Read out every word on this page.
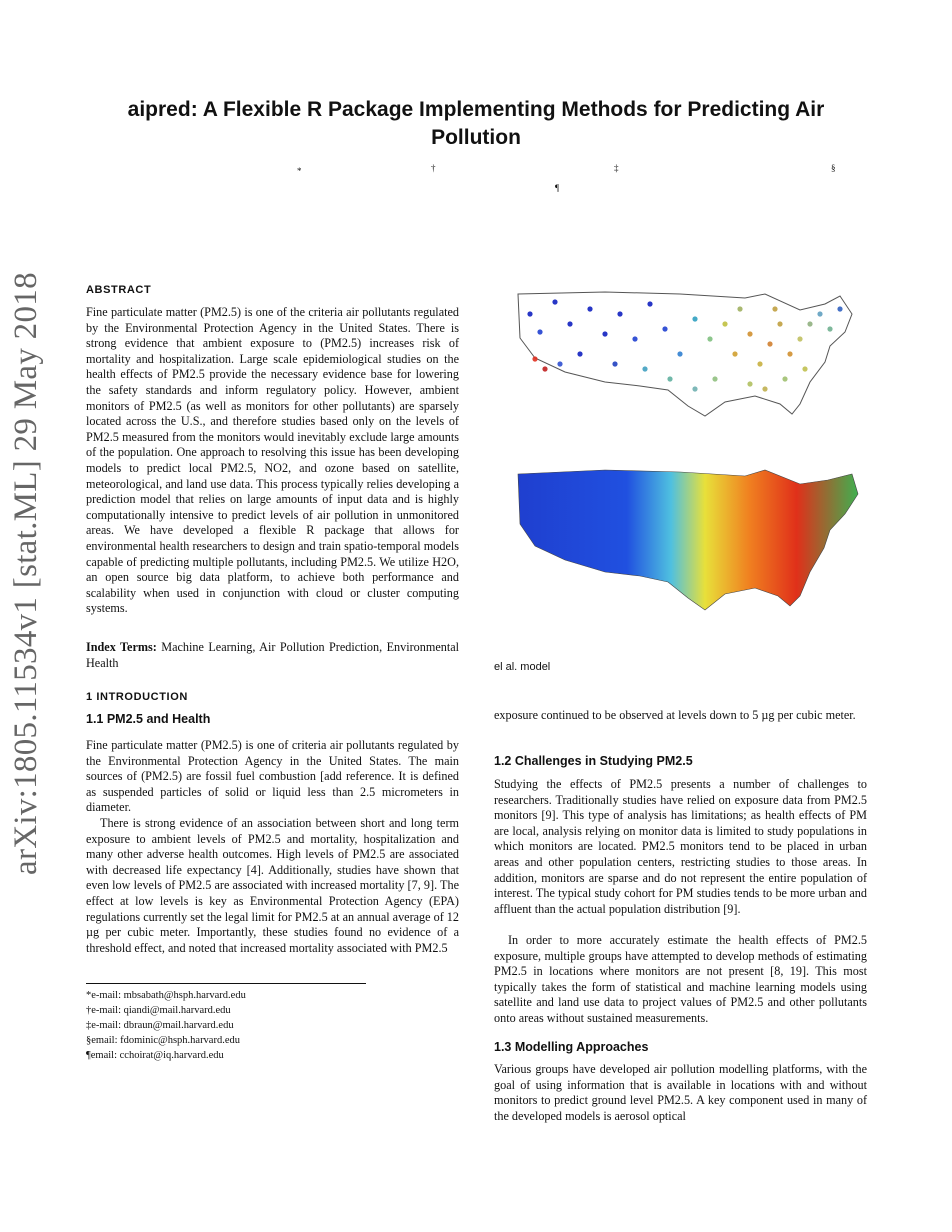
aipred: A Flexible R Package Implementing Methods for Predicting Air Pollution
*	†	‡	§
¶
arXiv:1805.11534v1 [stat.ML] 29 May 2018	ABSTRACT

Fine particulate matter (PM2.5) is one of the criteria air pollutants regulated by the Environmental Protection Agency in the United States. There is strong evidence that ambient exposure to (PM2.5) increases risk of mortality and hospitalization. Large scale epidemiological studies on the health effects of PM2.5 provide the necessary evidence base for lowering the safety standards and inform regulatory policy. However, ambient monitors of PM2.5 (as well as monitors for other pollutants) are sparsely located across the U.S., and therefore studies based only on the levels of PM2.5 measured from the monitors would inevitably exclude large amounts of the population. One approach to resolving this issue has been developing models to predict local PM2.5, NO2, and ozone based on satellite, meteorological, and land use data. This process typically relies developing a prediction model that relies on large amounts of input data and is highly computationally intensive to predict levels of air pollution in unmonitored areas. We have developed a flexible R package that allows for environmental health researchers to design and train spatio-temporal models capable of predicting multiple pollutants, including PM2.5. We utilize H2O, an open source big data platform, to achieve both performance and scalability when used in conjunction with cloud or cluster computing systems.

Index Terms: Machine Learning, Air Pollution Prediction, Environmental Health

1 INTRODUCTION
1.1 PM2.5 and Health

Fine particulate matter (PM2.5) is one of criteria air pollutants regulated by the Environmental Protection Agency in the United States. The main sources of (PM2.5) are fossil fuel combustion [add reference. It is defined as suspended particles of solid or liquid less than 2.5 micrometers in diameter.

There is strong evidence of an association between short and long term exposure to ambient levels of PM2.5 and mortality, hospitalization and many other adverse health outcomes. High levels of PM2.5 are associated with decreased life expectancy [4]. Additionally, studies have shown that even low levels of PM2.5 are associated with increased mortality [7, 9]. The effect at low levels is key as Environmental Protection Agency (EPA) regulations currently set the legal limit for PM2.5 at an annual average of 12 µg per cubic meter. Importantly, these studies found no evidence of a threshold effect, and noted that increased mortality associated with PM2.5

*e-mail: mbsabath@hsph.harvard.edu
†e-mail: qiandi@mail.harvard.edu
‡e-mail: dbraun@mail.harvard.edu
§email: fdominic@hsph.harvard.edu
¶email: cchoirat@iq.harvard.edu
el al. model

exposure continued to be observed at levels down to 5 µg per cubic meter.

1.2 Challenges in Studying PM2.5

Studying the effects of PM2.5 presents a number of challenges to researchers. Traditionally studies have relied on exposure data from PM2.5 monitors [9]. This type of analysis has limitations; as health effects of PM are local, analysis relying on monitor data is limited to study populations in which monitors are located. PM2.5 monitors tend to be placed in urban areas and other population centers, restricting studies to those areas. In addition, monitors are sparse and do not represent the entire population of interest. The typical study cohort for PM studies tends to be more urban and affluent than the actual population distribution [9].

In order to more accurately estimate the health effects of PM2.5 exposure, multiple groups have attempted to develop methods of estimating PM2.5 in locations where monitors are not present [8, 19]. This most typically takes the form of statistical and machine learning models using satellite and land use data to project values of PM2.5 and other pollutants onto areas without sustained measurements.

1.3 Modelling Approaches

Various groups have developed air pollution modelling platforms, with the goal of using information that is available in locations with and without monitors to predict ground level PM2.5. A key component used in many of the developed models is aerosol optical
